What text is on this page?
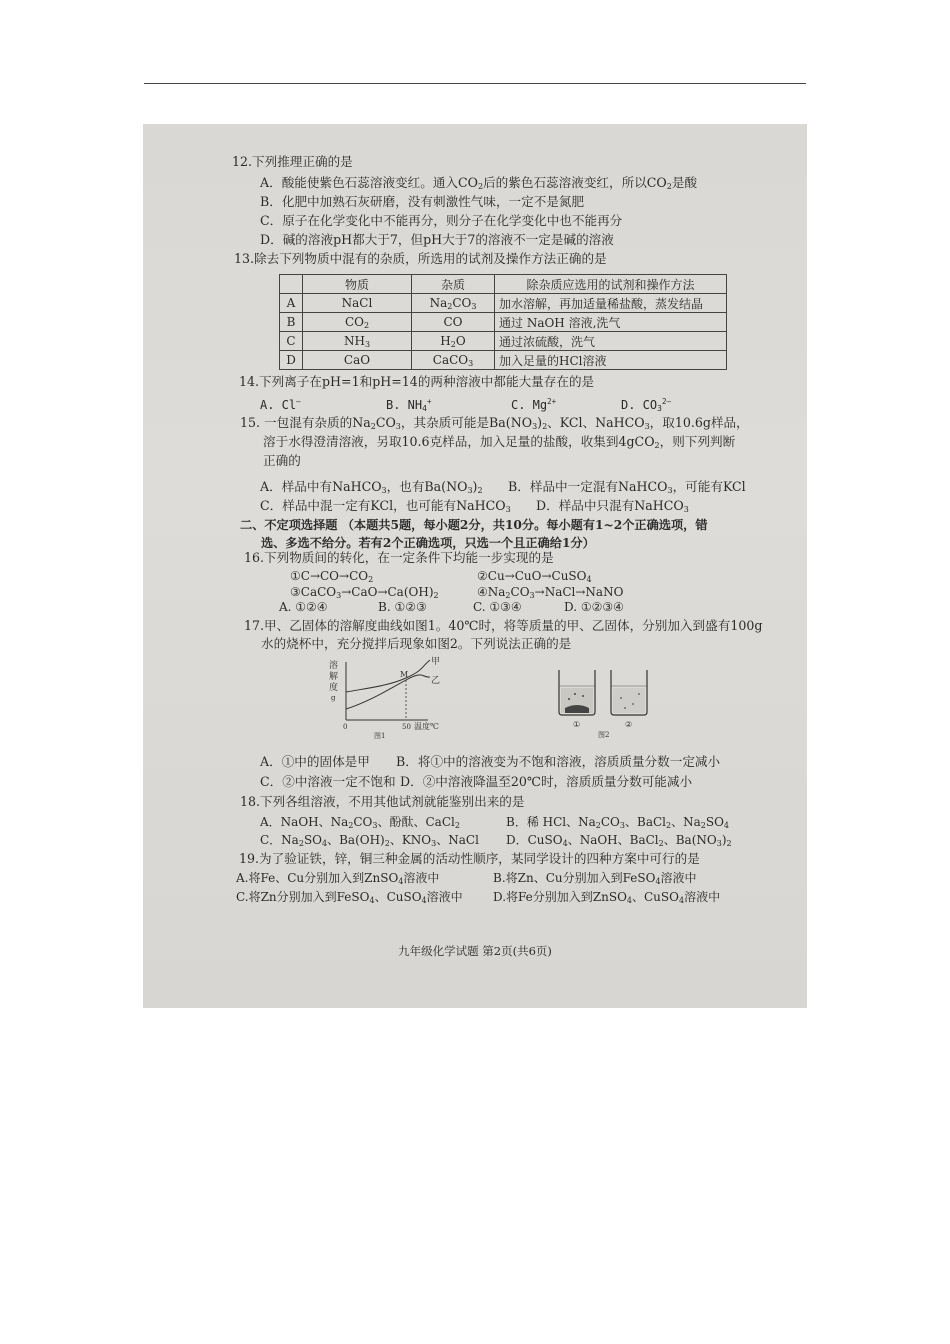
12.下列推理正确的是
A．酸能使紫色石蕊溶液变红。通入$CO_2$后的紫色石蕊溶液变红，所以$CO_2$是酸
B．化肥中加熟石灰研磨，没有刺激性气味，一定不是氮肥
C．原子在化学变化中不能再分，则分子在化学变化中也不能再分
D．碱的溶液pH都大于7，但pH大于7的溶液不一定是碱的溶液
13.除去下列物质中混有的杂质，所选用的试剂及操作方法正确的是
	物质	杂质	除杂质应选用的试剂和操作方法
A	NaCl	$Na_2CO_3$	加水溶解，再加适量稀盐酸，蒸发结晶
B	$CO_2$	CO	通过 NaOH 溶液,洗气
C	$NH_3$	$H_2O$	通过浓硫酸，洗气
D	CaO	CaCO$_3$	加入足量的HCl溶液
14.下列离子在pH=1和pH=14的两种溶液中都能大量存在的是
A. Cl—	B. $NH_4^+$	C. $Mg^{2+}$	D. $CO_3^{2—}$
15. 一包混有杂质的$Na_2CO_3$，其杂质可能是$Ba(NO_3)_2$、KCl、NaHCO$_3$，取10.6g样品，
溶于水得澄清溶液，另取10.6克样品，加入足量的盐酸，收集到4gCO$_2$，则下列判断
正确的
A．样品中有NaHCO$_3$，也有$Ba(NO_3)_2$ B．样品中一定混有NaHCO$_3$，可能有KCl
C．样品中混一定有KCl，也可能有NaHCO$_3$ D．样品中只混有NaHCO$_3$
二、不定项选择题 （本题共5题，每小题2分，共10分。每小题有1~2个正确选项，错
选、多选不给分。若有2个正确选项，只选一个且正确给1分）
16.下列物质间的转化，在一定条件下均能一步实现的是
$①C\to CO\to CO_2$	②Cu→CuO→CuSO$_4$
$③CaCO_3\to CaO\to Ca(OH)_2$	$④Na_2CO_3\to NaCl\to NaNO$
A. ①②④	B. ①②③	C. ①③④	D. ①②③④
17.甲、乙固体的溶解度曲线如图1。40℃时，将等质量的甲、乙固体，分别加入到盛有100g
水的烧杯中，充分搅拌后现象如图2。下列说法正确的是
溶
解
度
g
M
甲
乙
0	50 温度℃
图1
①	②
图2
A．①中的固体是甲 B．将①中的溶液变为不饱和溶液，溶质质量分数一定减小
C．②中溶液一定不饱和 D．②中溶液降温至20℃时，溶质质量分数可能减小
18.下列各组溶液，不用其他试剂就能鉴别出来的是
A．NaOH、$Na_2CO_3$、酚酞、CaCl$_2$	B．稀 HCl、$Na_2CO_3$、BaCl$_2$、$Na_2SO_4$
C．$Na_2SO_4$、$Ba(OH)_2$、$KNO_3$、NaCl D．CuSO$_4$、NaOH、BaCl$_2$、$Ba(NO_3)_2$
19.为了验证铁，锌，铜三种金属的活动性顺序，某同学设计的四种方案中可行的是
A.将Fe、Cu分别加入到ZnSO$_4$溶液中	B.将Zn、Cu分别加入到FeSO$_4$溶液中
C.将Zn分别加入到FeSO$_4$、CuSO$_4$溶液中	D.将Fe分别加入到ZnSO$_4$、CuSO$_4$溶液中
九年级化学试题 第2页(共6页)
